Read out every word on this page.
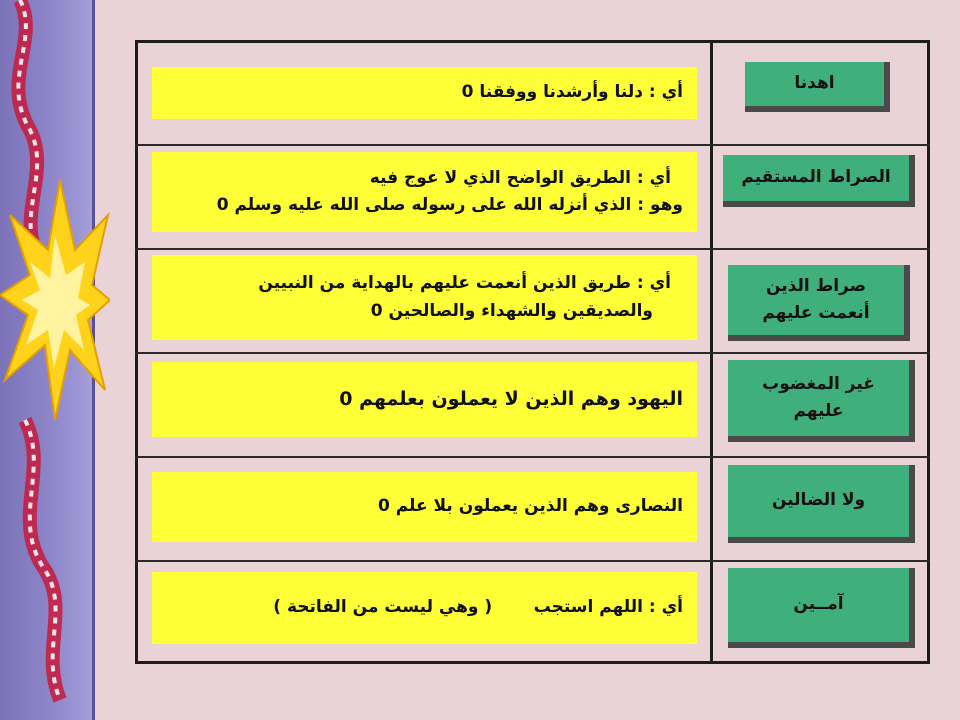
اهدنا
أي : دلنا وأرشدنا ووفقنا 0
الصراط المستقيم
أي : الطريق الواضح الذي لا عوج فيه
وهو : الذي أنزله الله على رسوله صلى الله عليه وسلم 0
صراط الذين
أنعمت عليهم
أي : طريق الذين أنعمت عليهم بالهداية من النبيين
والصديقين والشهداء والصالحين 0
غير المغضوب
عليهم
اليهود وهم الذين لا يعملون بعلمهم 0
ولا الضالين
النصارى وهم الذين يعملون بلا علم 0
آمــين
أي : اللهم استجب       ( وهي ليست من الفاتحة )
